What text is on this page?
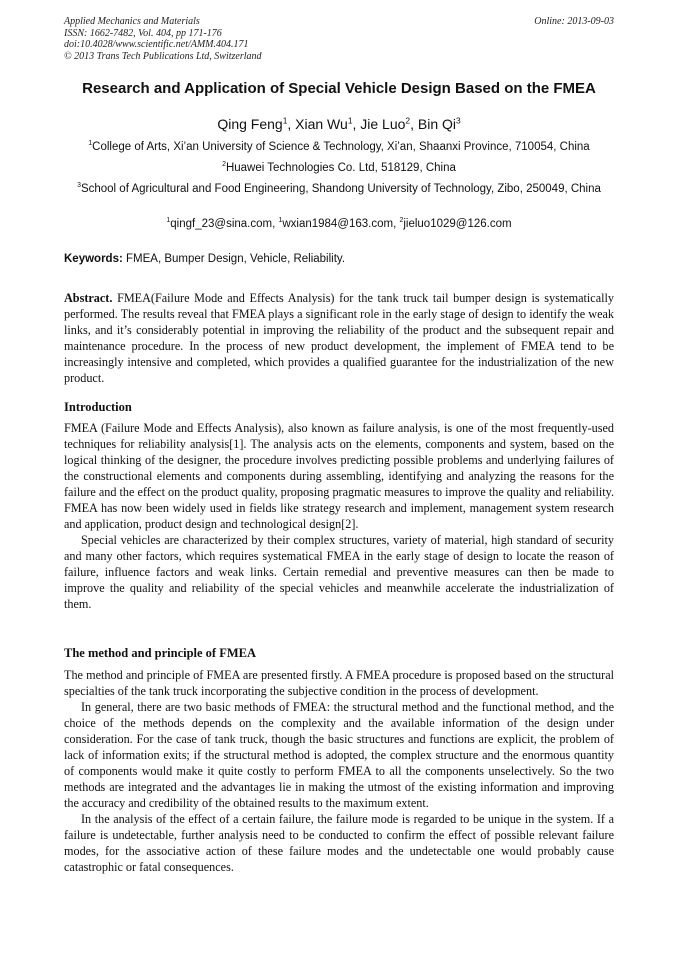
Applied Mechanics and Materials
ISSN: 1662-7482, Vol. 404, pp 171-176
doi:10.4028/www.scientific.net/AMM.404.171
© 2013 Trans Tech Publications Ltd, Switzerland
Online: 2013-09-03
Research and Application of Special Vehicle Design Based on the FMEA
Qing Feng$^1$, Xian Wu$^1$, Jie Luo$^2$, Bin Qi$^3$
$^1$College of Arts, Xi’an University of Science & Technology, Xi’an, Shaanxi Province, 710054, China
$^2$Huawei Technologies Co. Ltd, 518129, China
$^3$School of Agricultural and Food Engineering, Shandong University of Technology, Zibo, 250049, China
$^1$qingf_23@sina.com, $^1$wxian1984@163.com, $^2$jieluo1029@126.com
Keywords: FMEA, Bumper Design, Vehicle, Reliability.

Abstract. FMEA(Failure Mode and Effects Analysis) for the tank truck tail bumper design is systematically performed. The results reveal that FMEA plays a significant role in the early stage of design to identify the weak links, and it’s considerably potential in improving the reliability of the product and the subsequent repair and maintenance procedure. In the process of new product development, the implement of FMEA tend to be increasingly intensive and completed, which provides a qualified guarantee for the industrialization of the new product.

Introduction

FMEA (Failure Mode and Effects Analysis), also known as failure analysis, is one of the most frequently-used techniques for reliability analysis[1]. The analysis acts on the elements, components and system, based on the logical thinking of the designer, the procedure involves predicting possible problems and underlying failures of the constructional elements and components during assembling, identifying and analyzing the reasons for the failure and the effect on the product quality, proposing pragmatic measures to improve the quality and reliability. FMEA has now been widely used in fields like strategy research and implement, management system research and application, product design and technological design[2].

Special vehicles are characterized by their complex structures, variety of material, high standard of security and many other factors, which requires systematical FMEA in the early stage of design to locate the reason of failure, influence factors and weak links. Certain remedial and preventive measures can then be made to improve the quality and reliability of the special vehicles and meanwhile accelerate the industrialization of them.

The method and principle of FMEA

The method and principle of FMEA are presented firstly. A FMEA procedure is proposed based on the structural specialties of the tank truck incorporating the subjective condition in the process of development.

In general, there are two basic methods of FMEA: the structural method and the functional method, and the choice of the methods depends on the complexity and the available information of the design under consideration. For the case of tank truck, though the basic structures and functions are explicit, the problem of lack of information exits; if the structural method is adopted, the complex structure and the enormous quantity of components would make it quite costly to perform FMEA to all the components unselectively. So the two methods are integrated and the advantages lie in making the utmost of the existing information and improving the accuracy and credibility of the obtained results to the maximum extent.

In the analysis of the effect of a certain failure, the failure mode is regarded to be unique in the system. If a failure is undetectable, further analysis need to be conducted to confirm the effect of possible relevant failure modes, for the associative action of these failure modes and the undetectable one would probably cause catastrophic or fatal consequences.
